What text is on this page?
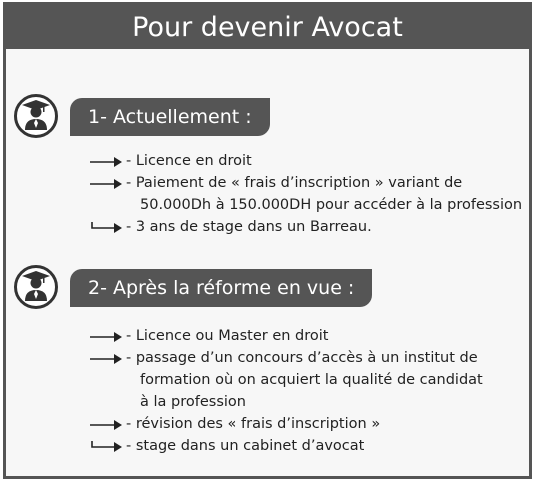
Pour devenir Avocat
1- Actuellement :
- Licence en droit
- Paiement de « frais d’inscription » variant de
50.000Dh à 150.000DH pour accéder à la profession
- 3 ans de stage dans un Barreau.
2- Après la réforme en vue :
- Licence ou Master en droit
- passage d’un concours d’accès à un institut de
formation où on acquiert la qualité de candidat
à la profession
- révision des « frais d’inscription »
- stage dans un cabinet d’avocat
